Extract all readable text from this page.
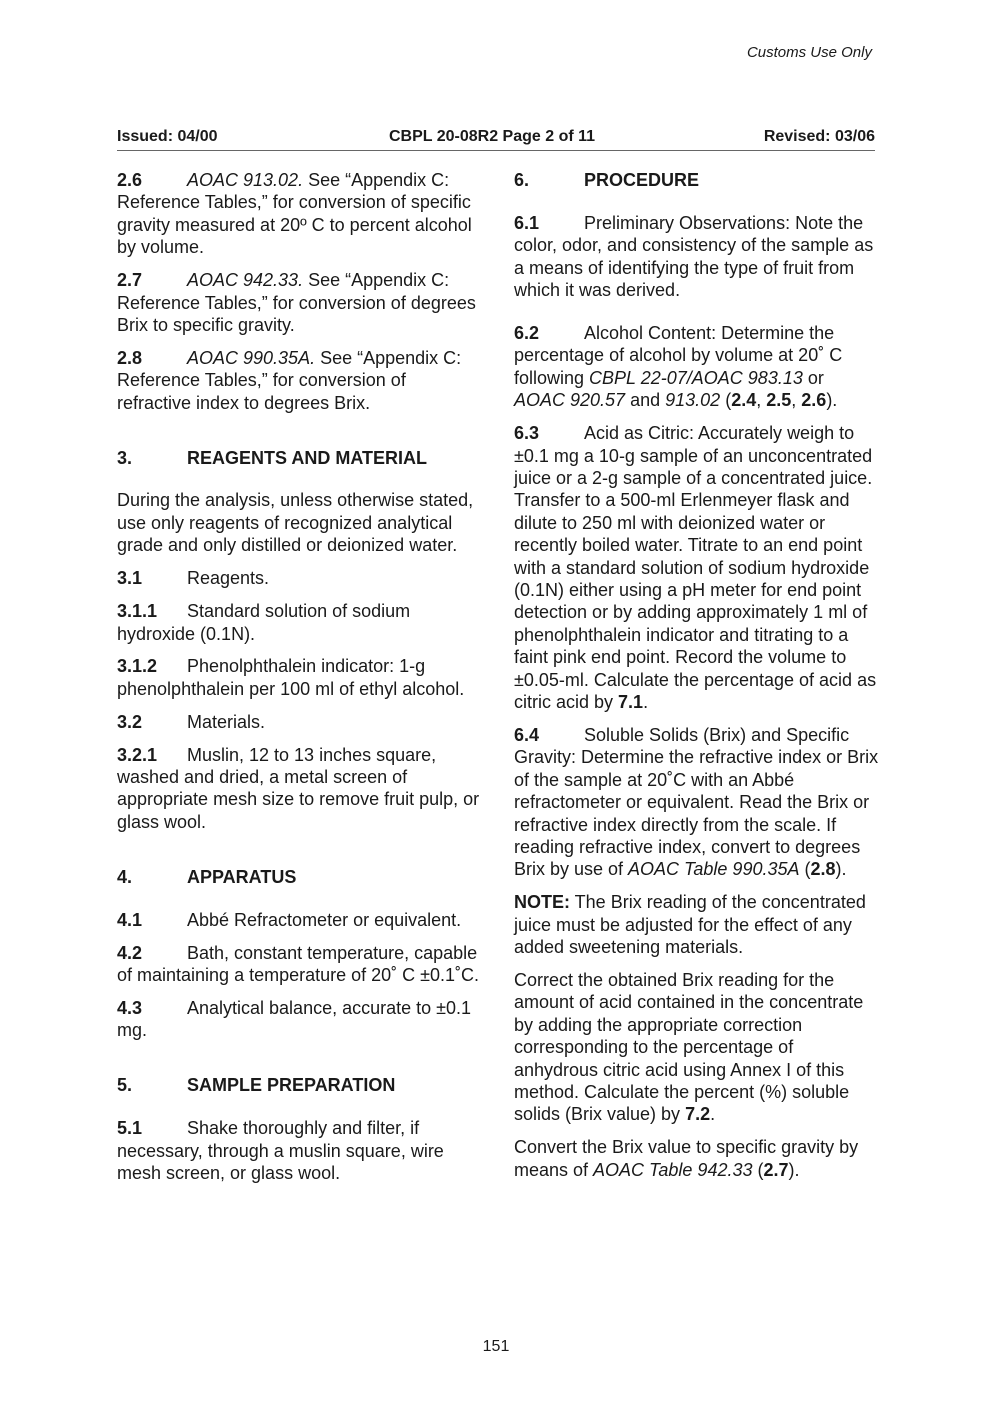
Customs Use Only
Issued: 04/00	CBPL 20-08R2 Page 2 of 11	Revised: 03/06

2.6 AOAC 913.02. See “Appendix C: Reference Tables,” for conversion of specific gravity measured at 20º C to percent alcohol by volume.

2.7 AOAC 942.33. See “Appendix C: Reference Tables,” for conversion of degrees Brix to specific gravity.

2.8 AOAC 990.35A. See “Appendix C: Reference Tables,” for conversion of refractive index to degrees Brix.

3.	REAGENTS AND MATERIAL

During the analysis, unless otherwise stated, use only reagents of recognized analytical grade and only distilled or deionized water.

3.1 Reagents.

3.1.1 Standard solution of sodium hydroxide (0.1N).

3.1.2 Phenolphthalein indicator: 1-g phenolphthalein per 100 ml of ethyl alcohol.

3.2 Materials.

3.2.1 Muslin, 12 to 13 inches square, washed and dried, a metal screen of appropriate mesh size to remove fruit pulp, or glass wool.

4.	APPARATUS

4.1 Abbé Refractometer or equivalent.

4.2 Bath, constant temperature, capable of maintaining a temperature of 20˚ C ±0.1˚C.

4.3 Analytical balance, accurate to ±0.1 mg.

5.	SAMPLE PREPARATION

5.1 Shake thoroughly and filter, if necessary, through a muslin square, wire mesh screen, or glass wool.

6.	PROCEDURE

6.1 Preliminary Observations: Note the color, odor, and consistency of the sample as a means of identifying the type of fruit from which it was derived.

6.2 Alcohol Content: Determine the percentage of alcohol by volume at 20˚ C following CBPL 22-07/AOAC 983.13 or AOAC 920.57 and 913.02 (2.4, 2.5, 2.6).

6.3 Acid as Citric: Accurately weigh to ±0.1 mg a 10-g sample of an unconcentrated juice or a 2-g sample of a concentrated juice. Transfer to a 500-ml Erlenmeyer flask and dilute to 250 ml with deionized water or recently boiled water. Titrate to an end point with a standard solution of sodium hydroxide (0.1N) either using a pH meter for end point detection or by adding approximately 1 ml of phenolphthalein indicator and titrating to a faint pink end point. Record the volume to ±0.05-ml. Calculate the percentage of acid as citric acid by 7.1.

6.4 Soluble Solids (Brix) and Specific Gravity: Determine the refractive index or Brix of the sample at 20˚C with an Abbé refractometer or equivalent. Read the Brix or refractive index directly from the scale. If reading refractive index, convert to degrees Brix by use of AOAC Table 990.35A (2.8).

NOTE: The Brix reading of the concentrated juice must be adjusted for the effect of any added sweetening materials.

Correct the obtained Brix reading for the amount of acid contained in the concentrate by adding the appropriate correction corresponding to the percentage of anhydrous citric acid using Annex I of this method. Calculate the percent (%) soluble solids (Brix value) by 7.2.

Convert the Brix value to specific gravity by means of AOAC Table 942.33 (2.7).

151
